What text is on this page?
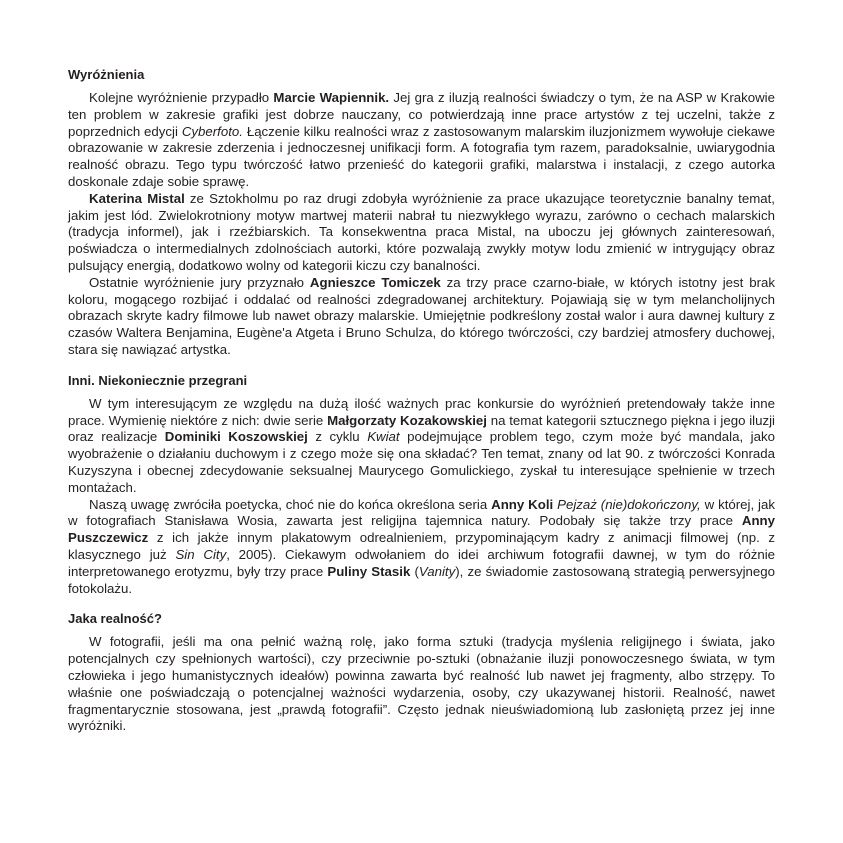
Wyróżnienia

Kolejne wyróżnienie przypadło Marcie Wapiennik. Jej gra z iluzją realności świadczy o tym, że na ASP w Krakowie ten problem w zakresie grafiki jest dobrze nauczany, co potwierdzają inne prace artystów z tej uczelni, także z poprzednich edycji Cyberfoto. Łączenie kilku realności wraz z zastosowanym malarskim iluzjonizmem wywołuje ciekawe obrazowanie w zakresie zderzenia i jednoczesnej unifikacji form. A fotografia tym razem, paradoksalnie, uwiarygodnia realność obrazu. Tego typu twórczość łatwo przenieść do kategorii grafiki, malarstwa i instalacji, z czego autorka doskonale zdaje sobie sprawę.

Katerina Mistal ze Sztokholmu po raz drugi zdobyła wyróżnienie za prace ukazujące teoretycznie banalny temat, jakim jest lód. Zwielokrotniony motyw martwej materii nabrał tu niezwykłego wyrazu, zarówno o cechach malarskich (tradycja informel), jak i rzeźbiarskich. Ta konsekwentna praca Mistal, na uboczu jej głównych zainteresowań, poświadcza o intermedialnych zdolnościach autorki, które pozwalają zwykły motyw lodu zmienić w intrygujący obraz pulsujący energią, dodatkowo wolny od kategorii kiczu czy banalności.

Ostatnie wyróżnienie jury przyznało Agnieszce Tomiczek za trzy prace czarno-białe, w których istotny jest brak koloru, mogącego rozbijać i oddalać od realności zdegradowanej architektury. Pojawiają się w tym melancholijnych obrazach skryte kadry filmowe lub nawet obrazy malarskie. Umiejętnie podkreślony został walor i aura dawnej kultury z czasów Waltera Benjamina, Eugène'a Atgeta i Bruno Schulza, do którego twórczości, czy bardziej atmosfery duchowej, stara się nawiązać artystka.

Inni. Niekoniecznie przegrani

W tym interesującym ze względu na dużą ilość ważnych prac konkursie do wyróżnień pretendowały także inne prace. Wymienię niektóre z nich: dwie serie Małgorzaty Kozakowskiej na temat kategorii sztucznego piękna i jego iluzji oraz realizacje Dominiki Koszowskiej z cyklu Kwiat podejmujące problem tego, czym może być mandala, jako wyobrażenie o działaniu duchowym i z czego może się ona składać? Ten temat, znany od lat 90. z twórczości Konrada Kuzyszyna i obecnej zdecydowanie seksualnej Maurycego Gomulickiego, zyskał tu interesujące spełnienie w trzech montażach.

Naszą uwagę zwróciła poetycka, choć nie do końca określona seria Anny Koli Pejzaż (nie)dokończony, w której, jak w fotografiach Stanisława Wosia, zawarta jest religijna tajemnica natury. Podobały się także trzy prace Anny Puszczewicz z ich jakże innym plakatowym odrealnieniem, przypominającym kadry z animacji filmowej (np. z klasycznego już Sin City, 2005). Ciekawym odwołaniem do idei archiwum fotografii dawnej, w tym do różnie interpretowanego erotyzmu, były trzy prace Puliny Stasik (Vanity), ze świadomie zastosowaną strategią perwersyjnego fotokolażu.

Jaka realność?

W fotografii, jeśli ma ona pełnić ważną rolę, jako forma sztuki (tradycja myślenia religijnego i świata, jako potencjalnych czy spełnionych wartości), czy przeciwnie po-sztuki (obnażanie iluzji ponowoczesnego świata, w tym człowieka i jego humanistycznych ideałów) powinna zawarta być realność lub nawet jej fragmenty, albo strzępy. To właśnie one poświadczają o potencjalnej ważności wydarzenia, osoby, czy ukazywanej historii. Realność, nawet fragmentarycznie stosowana, jest „prawdą fotografii”. Często jednak nieuświadomioną lub zasłoniętą przez jej inne wyróżniki.
